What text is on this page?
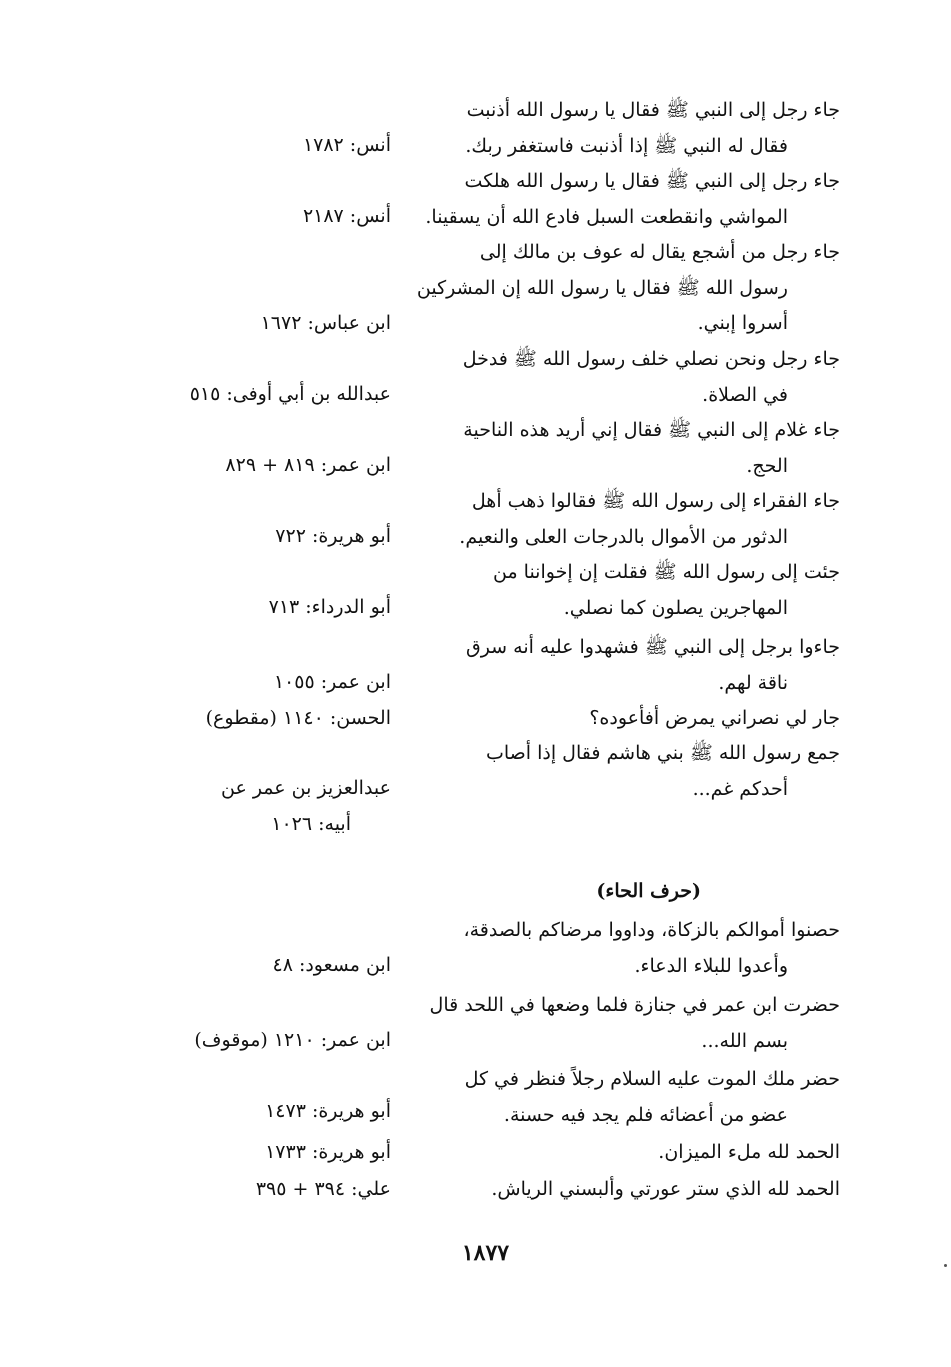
جاء رجل إلى النبي ﷺ فقال يا رسول الله أذنبت
فقال له النبي ﷺ إذا أذنبت فاستغفر ربك.
أنس: ١٧٨٢
جاء رجل إلى النبي ﷺ فقال يا رسول الله هلكت
المواشي وانقطعت السبل فادع الله أن يسقينا.
أنس: ٢١٨٧
جاء رجل من أشجع يقال له عوف بن مالك إلى
رسول الله ﷺ فقال يا رسول الله إن المشركين
أسروا إبني.
ابن عباس: ١٦٧٢
جاء رجل ونحن نصلي خلف رسول الله ﷺ فدخل
في الصلاة.
عبدالله بن أبي أوفى: ٥١٥
جاء غلام إلى النبي ﷺ فقال إني أريد هذه الناحية
الحج.
ابن عمر: ٨١٩ + ٨٢٩
جاء الفقراء إلى رسول الله ﷺ فقالوا ذهب أهل
الدثور من الأموال بالدرجات العلى والنعيم.
أبو هريرة: ٧٢٢
جئت إلى رسول الله ﷺ فقلت إن إخواننا من
المهاجرين يصلون كما نصلي.
أبو الدرداء: ٧١٣
جاءوا برجل إلى النبي ﷺ فشهدوا عليه أنه سرق
ناقة لهم.
ابن عمر: ١٠٥٥
جار لي نصراني يمرض أفأعوده؟
الحسن: ١١٤٠ (مقطوع)
جمع رسول الله ﷺ بني هاشم فقال إذا أصاب
أحدكم غم...
عبدالعزيز بن عمر عن
أبيه: ١٠٢٦
(حرف الحاء)
حصنوا أموالكم بالزكاة، وداووا مرضاكم بالصدقة،
وأعدوا للبلاء الدعاء.
ابن مسعود: ٤٨
حضرت ابن عمر في جنازة فلما وضعها في اللحد قال
بسم الله...
ابن عمر: ١٢١٠ (موقوف)
حضر ملك الموت عليه السلام رجلاً فنظر في كل
عضو من أعضائه فلم يجد فيه حسنة.
أبو هريرة: ١٤٧٣
الحمد لله ملء الميزان.
أبو هريرة: ١٧٣٣
الحمد لله الذي ستر عورتي وألبسني الرياش.
علي: ٣٩٤ + ٣٩٥
١٨٧٧
